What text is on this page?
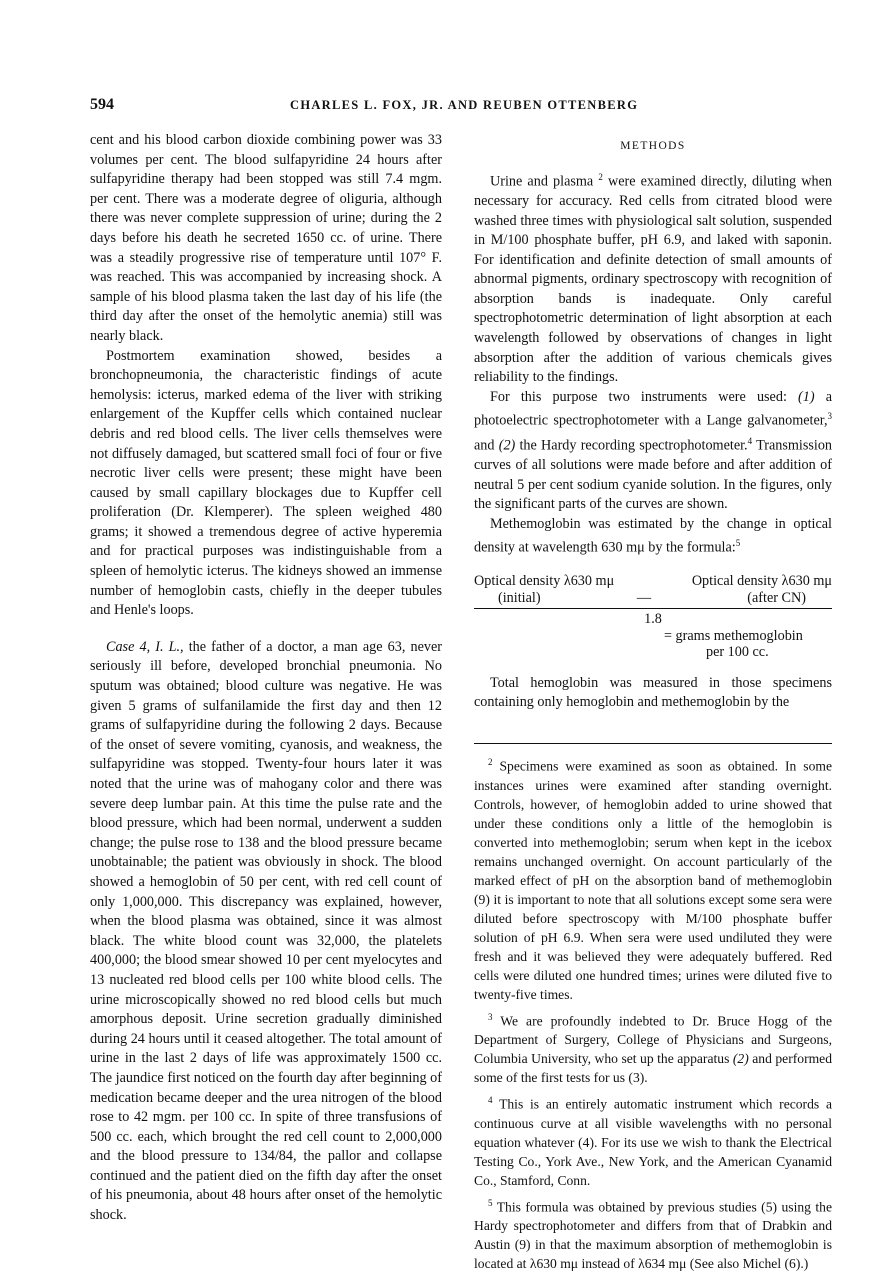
594	CHARLES L. FOX, JR. AND REUBEN OTTENBERG

cent and his blood carbon dioxide combining power was 33 volumes per cent. The blood sulfapyridine 24 hours after sulfapyridine therapy had been stopped was still 7.4 mgm. per cent. There was a moderate degree of oliguria, although there was never complete suppression of urine; during the 2 days before his death he secreted 1650 cc. of urine. There was a steadily progressive rise of temperature until 107° F. was reached. This was accompanied by increasing shock. A sample of his blood plasma taken the last day of his life (the third day after the onset of the hemolytic anemia) still was nearly black.

Postmortem examination showed, besides a bronchopneumonia, the characteristic findings of acute hemolysis: icterus, marked edema of the liver with striking enlargement of the Kupffer cells which contained nuclear debris and red blood cells. The liver cells themselves were not diffusely damaged, but scattered small foci of four or five necrotic liver cells were present; these might have been caused by small capillary blockages due to Kupffer cell proliferation (Dr. Klemperer). The spleen weighed 480 grams; it showed a tremendous degree of active hyperemia and for practical purposes was indistinguishable from a spleen of hemolytic icterus. The kidneys showed an immense number of hemoglobin casts, chiefly in the deeper tubules and Henle's loops.

Case 4, I. L., the father of a doctor, a man age 63, never seriously ill before, developed bronchial pneumonia. No sputum was obtained; blood culture was negative. He was given 5 grams of sulfanilamide the first day and then 12 grams of sulfapyridine during the following 2 days. Because of the onset of severe vomiting, cyanosis, and weakness, the sulfapyridine was stopped. Twenty-four hours later it was noted that the urine was of mahogany color and there was severe deep lumbar pain. At this time the pulse rate and the blood pressure, which had been normal, underwent a sudden change; the pulse rose to 138 and the blood pressure became unobtainable; the patient was obviously in shock. The blood showed a hemoglobin of 50 per cent, with red cell count of only 1,000,000. This discrepancy was explained, however, when the blood plasma was obtained, since it was almost black. The white blood count was 32,000, the platelets 400,000; the blood smear showed 10 per cent myelocytes and 13 nucleated red blood cells per 100 white blood cells. The urine microscopically showed no red blood cells but much amorphous deposit. Urine secretion gradually diminished during 24 hours until it ceased altogether. The total amount of urine in the last 2 days of life was approximately 1500 cc. The jaundice first noticed on the fourth day after beginning of medication became deeper and the urea nitrogen of the blood rose to 42 mgm. per 100 cc. In spite of three transfusions of 500 cc. each, which brought the red cell count to 2,000,000 and the blood pressure to 134/84, the pallor and collapse continued and the patient died on the fifth day after the onset of his pneumonia, about 48 hours after onset of the hemolytic shock.

METHODS

Urine and plasma $^2$ were examined directly, diluting when necessary for accuracy. Red cells from citrated blood were washed three times with physiological salt solution, suspended in M/100 phosphate buffer, pH 6.9, and laked with saponin. For identification and definite detection of small amounts of abnormal pigments, ordinary spectroscopy with recognition of absorption bands is inadequate. Only careful spectrophotometric determination of light absorption at each wavelength followed by observations of changes in light absorption after the addition of various chemicals gives reliability to the findings.

For this purpose two instruments were used: (1) a photoelectric spectrophotometer with a Lange galvanometer,$^3$ and (2) the Hardy recording spectrophotometer.$^4$ Transmission curves of all solutions were made before and after addition of neutral 5 per cent sodium cyanide solution. In the figures, only the significant parts of the curves are shown.

Methemoglobin was estimated by the change in optical density at wavelength 630 mμ by the formula:$^5$

Optical density λ630 mμ	Optical density λ630 mμ
(initial)	—	(after CN)
1.8
= grams methemoglobin
per 100 cc.

Total hemoglobin was measured in those specimens containing only hemoglobin and methemoglobin by the

$^2$ Specimens were examined as soon as obtained. In some instances urines were examined after standing overnight. Controls, however, of hemoglobin added to urine showed that under these conditions only a little of the hemoglobin is converted into methemoglobin; serum when kept in the icebox remains unchanged overnight. On account particularly of the marked effect of pH on the absorption band of methemoglobin (9) it is important to note that all solutions except some sera were diluted before spectroscopy with M/100 phosphate buffer solution of pH 6.9. When sera were used undiluted they were fresh and it was believed they were adequately buffered. Red cells were diluted one hundred times; urines were diluted five to twenty-five times.

$^3$ We are profoundly indebted to Dr. Bruce Hogg of the Department of Surgery, College of Physicians and Surgeons, Columbia University, who set up the apparatus (2) and performed some of the first tests for us (3).

$^4$ This is an entirely automatic instrument which records a continuous curve at all visible wavelengths with no personal equation whatever (4). For its use we wish to thank the Electrical Testing Co., York Ave., New York, and the American Cyanamid Co., Stamford, Conn.

$^5$ This formula was obtained by previous studies (5) using the Hardy spectrophotometer and differs from that of Drabkin and Austin (9) in that the maximum absorption of methemoglobin is located at λ630 mμ instead of λ634 mμ (See also Michel (6).)
